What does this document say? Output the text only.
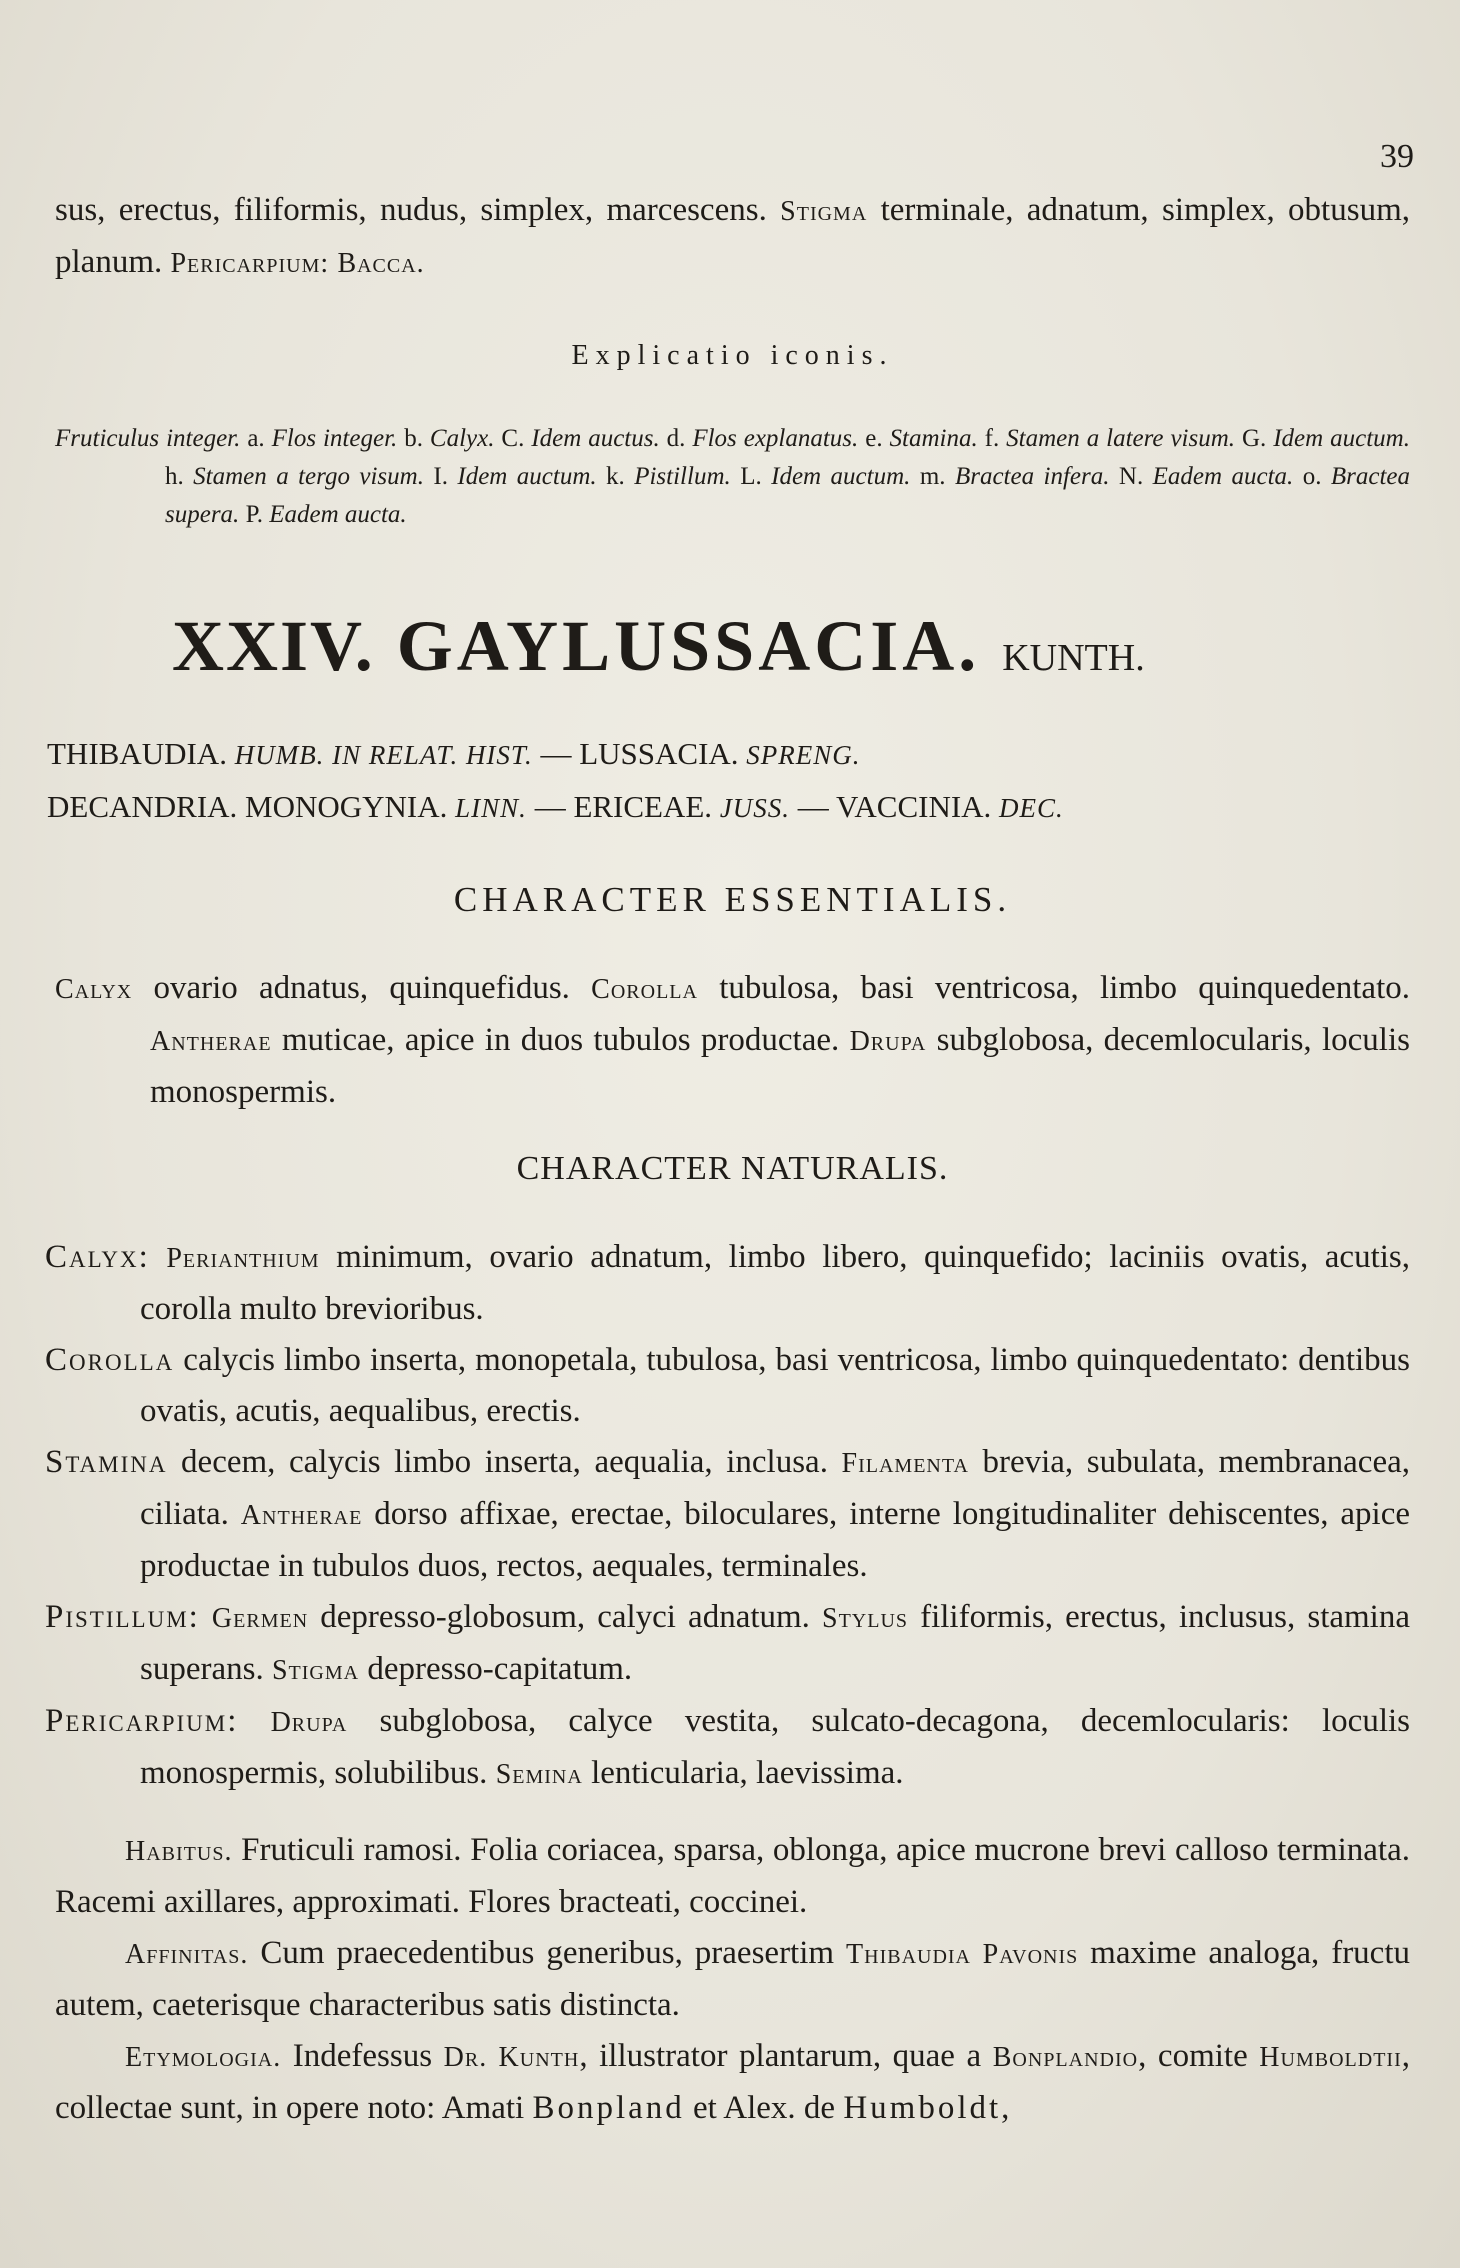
39

sus, erectus, filiformis, nudus, simplex, marcescens. Stigma terminale, adnatum, simplex, obtusum, planum. Pericarpium: Bacca.

Explicatio iconis.

Fruticulus integer. a. Flos integer. b. Calyx. C. Idem auctus. d. Flos explanatus. e. Stamina. f. Stamen a latere visum. G. Idem auctum. h. Stamen a tergo visum. I. Idem auctum. k. Pistillum. L. Idem auctum. m. Bractea infera. N. Eadem aucta. o. Bractea supera. P. Eadem aucta.

XXIV. GAYLUSSACIA. KUNTH.

THIBAUDIA. HUMB. IN RELAT. HIST. — LUSSACIA. SPRENG.

DECANDRIA. MONOGYNIA. LINN. — ERICEAE. JUSS. — VACCINIA. DEC.

CHARACTER ESSENTIALIS.

Calyx ovario adnatus, quinquefidus. Corolla tubulosa, basi ventricosa, limbo quinquedentato. Antherae muticae, apice in duos tubulos productae. Drupa subglobosa, decemlocularis, loculis monospermis.

CHARACTER NATURALIS.

Calyx: Perianthium minimum, ovario adnatum, limbo libero, quinquefido; laciniis ovatis, acutis, corolla multo brevioribus.

Corolla calycis limbo inserta, monopetala, tubulosa, basi ventricosa, limbo quinquedentato: dentibus ovatis, acutis, aequalibus, erectis.

Stamina decem, calycis limbo inserta, aequalia, inclusa. Filamenta brevia, subulata, membranacea, ciliata. Antherae dorso affixae, erectae, biloculares, interne longitudinaliter dehiscentes, apice productae in tubulos duos, rectos, aequales, terminales.

Pistillum: Germen depresso-globosum, calyci adnatum. Stylus filiformis, erectus, inclusus, stamina superans. Stigma depresso-capitatum.

Pericarpium: Drupa subglobosa, calyce vestita, sulcato-decagona, decemlocularis: loculis monospermis, solubilibus. Semina lenticularia, laevissima.

Habitus. Fruticuli ramosi. Folia coriacea, sparsa, oblonga, apice mucrone brevi calloso terminata. Racemi axillares, approximati. Flores bracteati, coccinei.

Affinitas. Cum praecedentibus generibus, praesertim Thibaudia Pavonis maxime analoga, fructu autem, caeterisque characteribus satis distincta.

Etymologia. Indefessus Dr. Kunth, illustrator plantarum, quae a Bonplandio, comite Humboldtii, collectae sunt, in opere noto: Amati Bonpland et Alex. de Humboldt,
